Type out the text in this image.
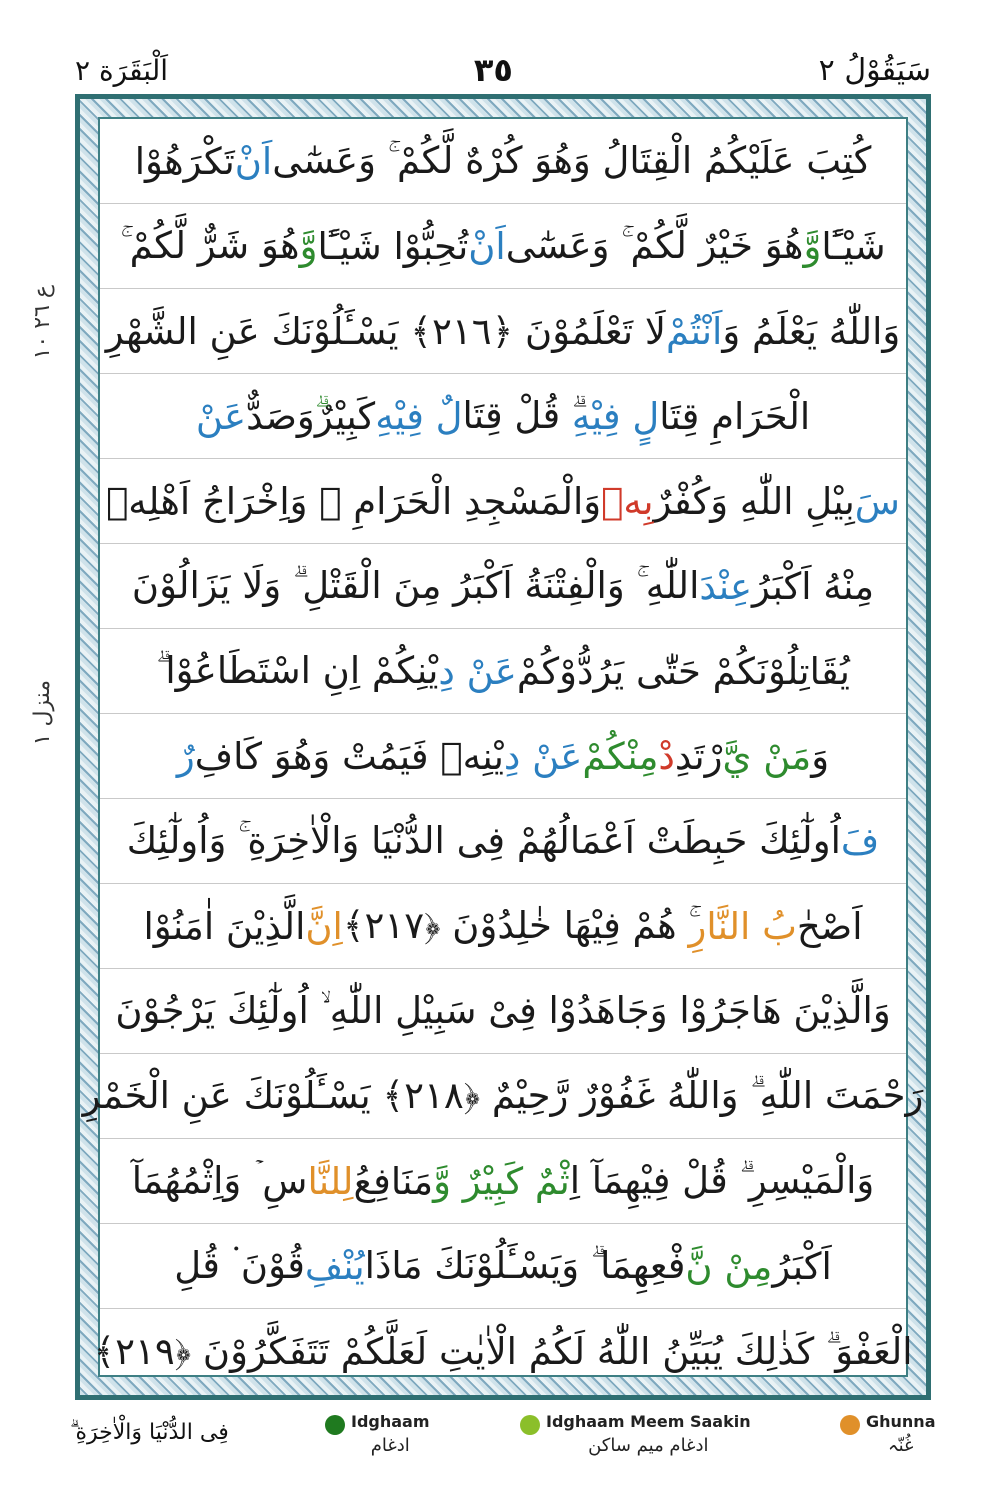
سَيَقُوْلُ ٢
٣٥
اَلْبَقَرَة ٢
ع ٢٦ ١٠
منزل ١
كُتِبَ عَلَيْكُمُ الْقِتَالُ وَهُوَ كُرْهٌ لَّكُمْ ۚ وَعَسٰٓى
اَنْ
تَكْرَهُوْا
شَيْـًٔا
وَّ
هُوَ خَيْرٌ لَّكُمْ ۚ وَعَسٰٓى
اَنْ
تُحِبُّوْا شَيْـًٔا
وَّ
هُوَ شَرٌّ لَّكُمْ ۚ
وَاللّٰهُ يَعْلَمُ وَ
اَنْتُمْ
لَا تَعْلَمُوْنَ ﴿٢١٦﴾ يَسْـَٔلُوْنَكَ عَنِ الشَّهْرِ
الْحَرَامِ قِتَا
لٍ فِيْهِ
ۗ قُلْ قِتَا
لٌ فِيْهِ
كَبِيْرٌ
وَصَدٌّ
عَنْ
سَ
بِيْلِ اللّٰهِ وَكُفْرٌ
بِهٖ
وَالْمَسْجِدِ الْحَرَامِ ۗ وَاِخْرَاجُ اَهْلِهٖ
مِنْهُ اَكْبَرُ
عِنْدَ
اللّٰهِ ۚ وَالْفِتْنَةُ اَكْبَرُ مِنَ الْقَتْلِ ۗ وَلَا يَزَالُوْنَ
يُقَاتِلُوْنَكُمْ حَتّٰى يَرُدُّوْكُمْ
عَنْ دِ
يْنِكُمْ اِنِ اسْتَطَاعُوْا ۗ
وَ
مَنْ يَّ
رْتَدِ
دْ
مِنْكُمْ
عَنْ دِ
يْنِهٖ فَيَمُتْ وَهُوَ كَافِ
رٌ
فَ
اُولٰٓئِكَ حَبِطَتْ اَعْمَالُهُمْ فِى الدُّنْيَا وَالْاٰخِرَةِ ۚ وَاُولٰٓئِكَ
اَصْحٰ
بُ النَّارِ
ۚ هُمْ فِيْهَا خٰلِدُوْنَ ﴿٢١٧﴾
اِنَّ
الَّذِيْنَ اٰمَنُوْا
وَالَّذِيْنَ هَاجَرُوْا وَجَاهَدُوْا فِىْ سَبِيْلِ اللّٰهِ ۙ اُولٰٓئِكَ يَرْجُوْنَ
رَحْمَتَ اللّٰهِ ۗ وَاللّٰهُ غَفُوْرٌ رَّحِيْمٌ ﴿٢١٨﴾ يَسْـَٔلُوْنَكَ عَنِ الْخَمْرِ
وَالْمَيْسِرِ ۗ قُلْ فِيْهِمَآ اِ
ثْمٌ كَبِيْرٌ وَّ
مَنَافِعُ
لِلنَّا
سِ ۡ وَاِثْمُهُمَآ
اَكْبَرُ
مِنْ نَّ
فْعِهِمَا ۗ وَيَسْـَٔلُوْنَكَ مَاذَا
يُنْفِ
قُوْنَ ۬ قُلِ
الْعَفْوَ ۗ كَذٰلِكَ يُبَيِّنُ اللّٰهُ لَكُمُ الْاٰيٰتِ لَعَلَّكُمْ تَتَفَكَّرُوْنَ ﴿٢١٩﴾
فِى الدُّنْيَا وَالْاٰخِرَةِ ۗ	Idghaam
ادغام
Idghaam Meem Saakin
ادغام میم ساکن
Ghunna
غُنّہ
